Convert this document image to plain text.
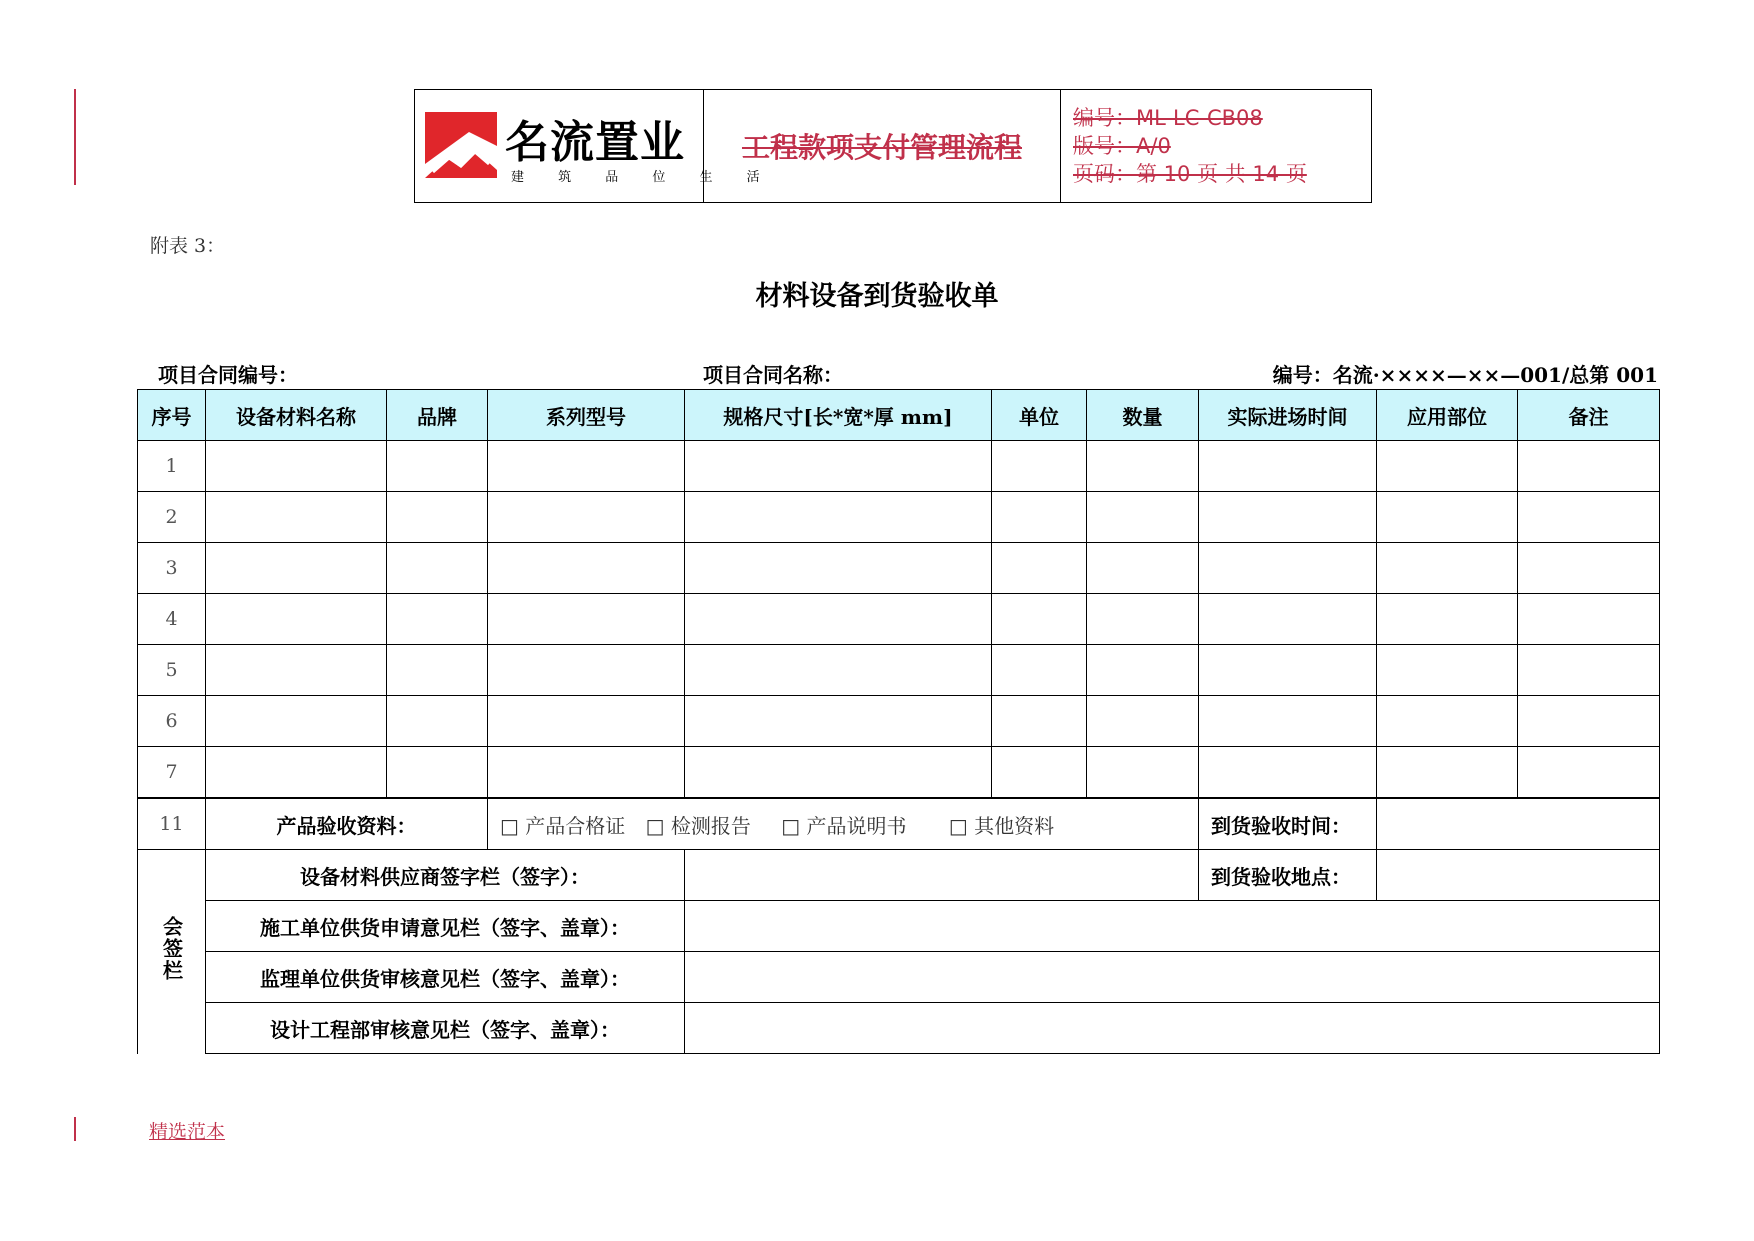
名流置业
建 筑 品 位 生 活
工程款项支付管理流程
编号：ML-LC-CB08
版号：A/0
页码：第 10 页 共 14 页
附表 3：
材料设备到货验收单
项目合同编号：	项目合同名称：	编号：名流·××××—××—001/总第 001
序号	设备材料名称	品牌	系列型号	规格尺寸[长*宽*厚 mm]	单位	数量	实际进场时间	应用部位	备注
1									
2									
3									
4									
5									
6									
7									
11	产品验收资料：		□ 产品合格证 □ 检测报告 □ 产品说明书 □ 其他资料				到货验收时间：		
会签栏	设备材料供应商签字栏（签字）：						到货验收地点：		
	施工单位供货申请意见栏（签字、盖章）：								
	监理单位供货审核意见栏（签字、盖章）：								
	设计工程部审核意见栏（签字、盖章）：								
精选范本
